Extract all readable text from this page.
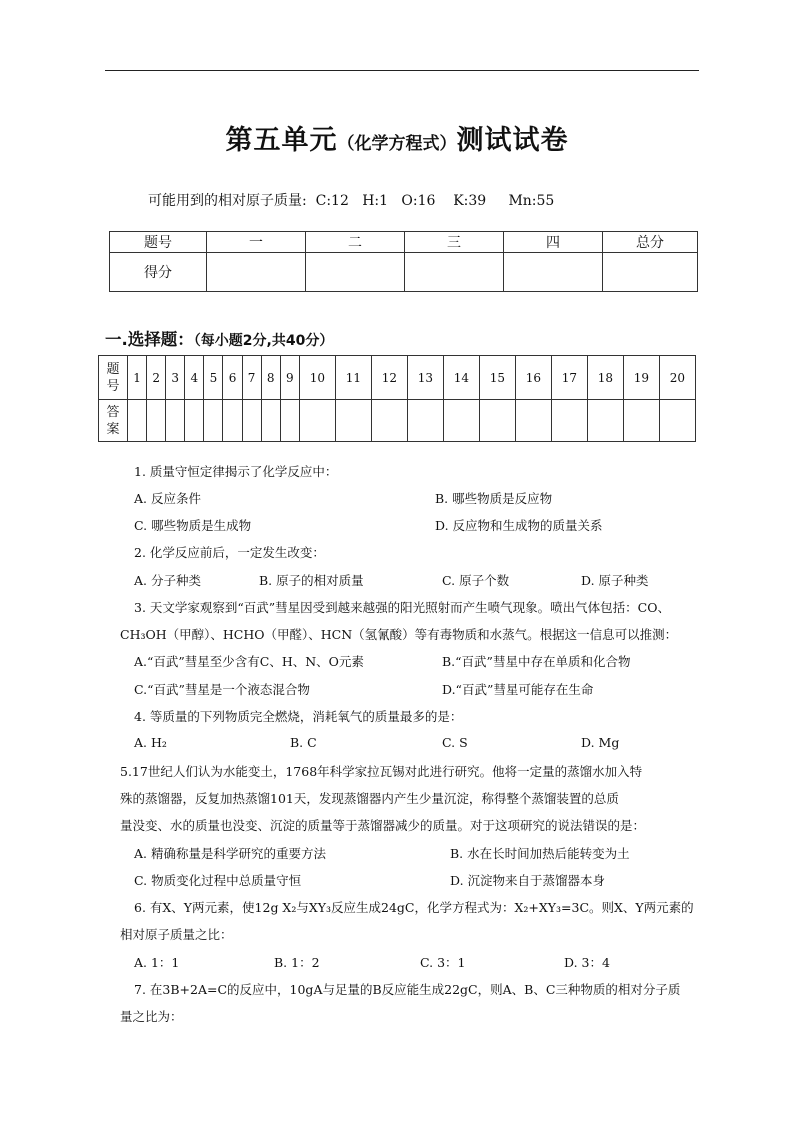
第五单元（化学方程式）测试试卷
可能用到的相对原子质量:  C:12   H:1   O:16    K:39     Mn:55
题号	一	二	三	四	总分
得分					
一.选择题：（每小题2分,共40分）
题
号	1	2	3	4	5	6	7	8	9	10	11	12	13	14	15	16	17	18	19	20
答
案																				
1. 质量守恒定律揭示了化学反应中：
A. 反应条件	B. 哪些物质是反应物
C. 哪些物质是生成物	D. 反应物和生成物的质量关系
2. 化学反应前后，一定发生改变：
A. 分子种类	B. 原子的相对质量	C. 原子个数	D. 原子种类
3. 天文学家观察到“百武”彗星因受到越来越强的阳光照射而产生喷气现象。喷出气体包括：CO、
CH₃OH（甲醇）、HCHO（甲醛）、HCN（氢氰酸）等有毒物质和水蒸气。根据这一信息可以推测：
A.“百武”彗星至少含有C、H、N、O元素	B.“百武”彗星中存在单质和化合物
C.“百武”彗星是一个液态混合物	D.“百武”彗星可能存在生命
4. 等质量的下列物质完全燃烧，消耗氧气的质量最多的是：
A. H₂	B. C	C. S	D. Mg
5.17世纪人们认为水能变土，1768年科学家拉瓦锡对此进行研究。他将一定量的蒸馏水加入特
殊的蒸馏器，反复加热蒸馏101天，发现蒸馏器内产生少量沉淀，称得整个蒸馏装置的总质
量没变、水的质量也没变、沉淀的质量等于蒸馏器减少的质量。对于这项研究的说法错误的是：
A. 精确称量是科学研究的重要方法	B. 水在长时间加热后能转变为土
C. 物质变化过程中总质量守恒	D. 沉淀物来自于蒸馏器本身
6. 有X、Y两元素，使12g X₂与XY₃反应生成24gC，化学方程式为：X₂+XY₃=3C。则X、Y两元素的
相对原子质量之比：
A. 1：1	B. 1：2	C. 3：1	D. 3：4
7. 在3B+2A=C的反应中，10gA与足量的B反应能生成22gC，则A、B、C三种物质的相对分子质
量之比为：
